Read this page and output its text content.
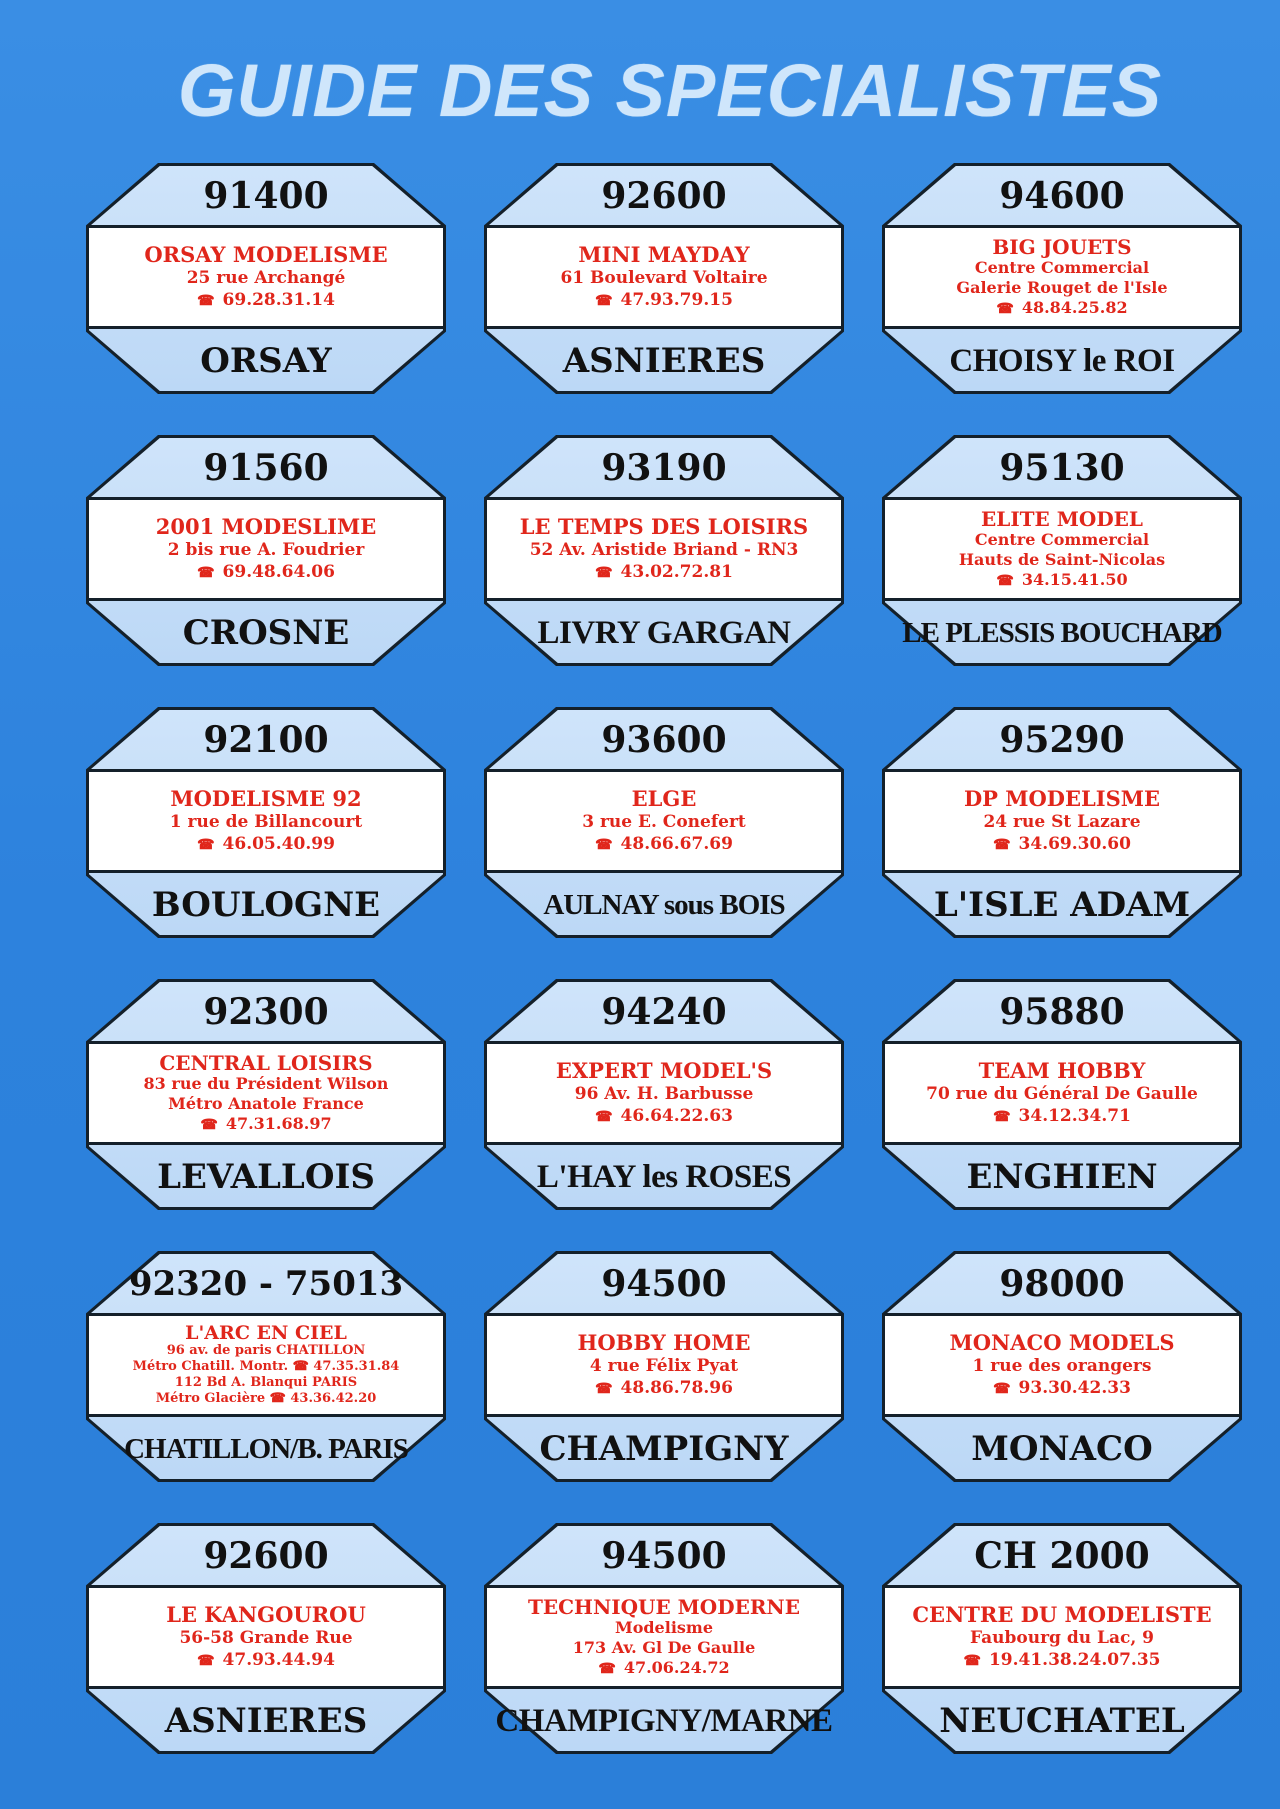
GUIDE DES SPECIALISTES
91400
ORSAY MODELISME
25 rue Archangé
☎ 69.28.31.14
ORSAY
92600
MINI MAYDAY
61 Boulevard Voltaire
☎ 47.93.79.15
ASNIERES
94600
BIG JOUETS
Centre Commercial
Galerie Rouget de l'Isle
☎ 48.84.25.82
CHOISY le ROI
91560
2001 MODESLIME
2 bis rue A. Foudrier
☎ 69.48.64.06
CROSNE
93190
LE TEMPS DES LOISIRS
52 Av. Aristide Briand - RN3
☎ 43.02.72.81
LIVRY GARGAN
95130
ELITE MODEL
Centre Commercial
Hauts de Saint-Nicolas
☎ 34.15.41.50
LE PLESSIS BOUCHARD
92100
MODELISME 92
1 rue de Billancourt
☎ 46.05.40.99
BOULOGNE
93600
ELGE
3 rue E. Conefert
☎ 48.66.67.69
AULNAY sous BOIS
95290
DP MODELISME
24 rue St Lazare
☎ 34.69.30.60
L'ISLE ADAM
92300
CENTRAL LOISIRS
83 rue du Président Wilson
Métro Anatole France
☎ 47.31.68.97
LEVALLOIS
94240
EXPERT MODEL'S
96 Av. H. Barbusse
☎ 46.64.22.63
L'HAY les ROSES
95880
TEAM HOBBY
70 rue du Général De Gaulle
☎ 34.12.34.71
ENGHIEN
92320 - 75013
L'ARC EN CIEL
96 av. de paris CHATILLON
Métro Chatill. Montr. ☎ 47.35.31.84
112 Bd A. Blanqui PARIS
Métro Glacière ☎ 43.36.42.20
CHATILLON/B. PARIS
94500
HOBBY HOME
4 rue Félix Pyat
☎ 48.86.78.96
CHAMPIGNY
98000
MONACO MODELS
1 rue des orangers
☎ 93.30.42.33
MONACO
92600
LE KANGOUROU
56-58 Grande Rue
☎ 47.93.44.94
ASNIERES
94500
TECHNIQUE MODERNE
Modelisme
173 Av. Gl De Gaulle
☎ 47.06.24.72
CHAMPIGNY/MARNE
CH 2000
CENTRE DU MODELISTE
Faubourg du Lac, 9
☎ 19.41.38.24.07.35
NEUCHATEL
